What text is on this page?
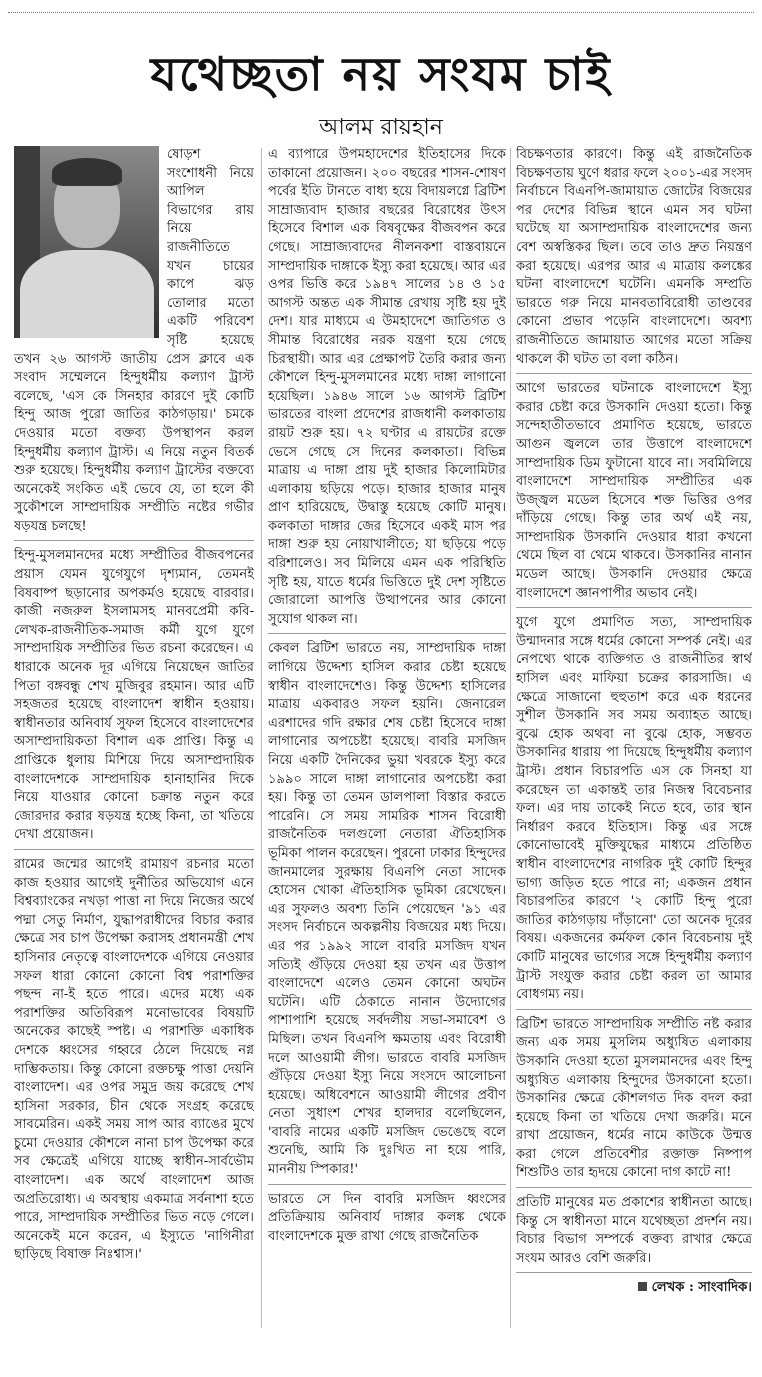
যথেচ্ছতা নয় সংযম চাই
আলম রায়হান

ষোড়শ সংশোধনী নিয়ে আপিল বিভাগের রায় নিয়ে রাজনীতিতে যখন চায়ের কাপে ঝড় তোলার মতো একটি পরিবেশ সৃষ্টি হয়েছে তখন ২৬ আগস্ট জাতীয় প্রেস ক্লাবে এক সংবাদ সম্মেলনে হিন্দুধর্মীয় কল্যাণ ট্রাস্ট বলেছে, 'এস কে সিনহার কারণে দুই কোটি হিন্দু আজ পুরো জাতির কাঠগড়ায়।' চমকে দেওয়ার মতো বক্তব্য উপস্থাপন করল হিন্দুধর্মীয় কল্যাণ ট্রাস্ট। এ নিয়ে নতুন বিতর্ক শুরু হয়েছে। হিন্দুধর্মীয় কল্যাণ ট্রাস্টের বক্তব্যে অনেকেই সংকিত এই ভেবে যে, তা হলে কী সুকৌশলে সাম্প্রদায়িক সম্প্রীতি নষ্টের গভীর ষড়যন্ত্র চলছে!

হিন্দু-মুসলমানদের মধ্যে সম্প্রীতির বীজবপনের প্রয়াস যেমন যুগেযুগে দৃশ্যমান, তেমনই বিষবাষ্প ছড়ানোর অপকর্মও হয়েছে বারবার। কাজী নজরুল ইসলামসহ মানবপ্রেমী কবি-লেখক-রাজনীতিক-সমাজ কর্মী যুগে যুগে সাম্প্রদায়িক সম্প্রীতির ভিত রচনা করেছেন। এ ধারাকে অনেক দূর এগিয়ে নিয়েছেন জাতির পিতা বঙ্গবন্ধু শেখ মুজিবুর রহমান। আর এটি সহজতর হয়েছে বাংলাদেশ স্বাধীন হওয়ায়। স্বাধীনতার অনিবার্য সুফল হিসেবে বাংলাদেশের অসাম্প্রদায়িকতা বিশাল এক প্রাপ্তি। কিন্তু এ প্রাপ্তিকে ধুলায় মিশিয়ে দিয়ে অসাম্প্রদায়িক বাংলাদেশকে সাম্প্রদায়িক হানাহানির দিকে নিয়ে যাওয়ার কোনো চক্রান্ত নতুন করে জোরদার করার ষড়যন্ত্র হচ্ছে কিনা, তা খতিয়ে দেখা প্রয়োজন।

রামের জন্মের আগেই রামায়ণ রচনার মতো কাজ হওয়ার আগেই দুর্নীতির অভিযোগ এনে বিশ্বব্যাংকের নখড়া পাত্তা না দিয়ে নিজের অর্থে পদ্মা সেতু নির্মাণ, যুদ্ধাপরাধীদের বিচার করার ক্ষেত্রে সব চাপ উপেক্ষা করাসহ প্রধানমন্ত্রী শেখ হাসিনার নেতৃত্বে বাংলাদেশকে এগিয়ে নেওয়ার সফল ধারা কোনো কোনো বিশ্ব পরাশক্তির পছন্দ না-ই হতে পারে। এদের মধ্যে এক পরাশক্তির অতিবিরূপ মনোভাবের বিষয়টি অনেকের কাছেই স্পষ্ট। এ পরাশক্তি একাধিক দেশকে ধ্বংসের গহ্বরে ঠেলে দিয়েছে নগ্ন দাম্ভিকতায়। কিন্তু কোনো রক্তচক্ষু পাত্তা দেয়নি বাংলাদেশ। এর ওপর সমুদ্র জয় করেছে শেখ হাসিনা সরকার, চীন থেকে সংগ্রহ করেছে সাবমেরিন। একই সময় সাপ আর ব্যাঙের মুখে চুমো দেওয়ার কৌশলে নানা চাপ উপেক্ষা করে সব ক্ষেত্রেই এগিয়ে যাচ্ছে স্বাধীন-সার্বভৌম বাংলাদেশ। এক অর্থে বাংলাদেশ আজ অপ্রতিরোধ্য। এ অবস্থায় একমাত্র সর্বনাশা হতে পারে, সাম্প্রদায়িক সম্প্রীতির ভিত নড়ে গেলে। অনেকেই মনে করেন, এ ইস্যুতে 'নাগিনীরা ছাড়িছে বিষাক্ত নিঃশ্বাস।'

এ ব্যাপারে উপমহাদেশের ইতিহাসের দিকে তাকানো প্রয়োজন। ২০০ বছরের শাসন-শোষণ পর্বের ইতি টানতে বাধ্য হয়ে বিদায়লগ্নে ব্রিটিশ সাম্রাজ্যবাদ হাজার বছরের বিরোধের উৎস হিসেবে বিশাল এক বিষবৃক্ষের বীজবপন করে গেছে। সাম্রাজ্যবাদের নীলনকশা বাস্তবায়নে সাম্প্রদায়িক দাঙ্গাকে ইস্যু করা হয়েছে। আর এর ওপর ভিত্তি করে ১৯৪৭ সালের ১৪ ও ১৫ আগস্ট অন্তত এক সীমান্ত রেখায় সৃষ্টি হয় দুই দেশ। যার মাধ্যমে এ উমহাদেশে জাতিগত ও সীমান্ত বিরোধের নরক যন্ত্রণা হয়ে গেছে চিরস্থায়ী। আর এর প্রেক্ষাপট তৈরি করার জন্য কৌশলে হিন্দু-মুসলমানের মধ্যে দাঙ্গা লাগানো হয়েছিল। ১৯৪৬ সালে ১৬ আগস্ট ব্রিটিশ ভারতের বাংলা প্রদেশের রাজধানী কলকাতায় রায়ট শুরু হয়। ৭২ ঘণ্টার এ রায়টের রক্তে ভেসে গেছে সে দিনের কলকাতা। বিভিন্ন মাত্রায় এ দাঙ্গা প্রায় দুই হাজার কিলোমিটার এলাকায় ছড়িয়ে পড়ে। হাজার হাজার মানুষ প্রাণ হারিয়েছে, উদ্বাস্তু হয়েছে কোটি মানুষ। কলকাতা দাঙ্গার জের হিসেবে একই মাস পর দাঙ্গা শুরু হয় নোয়াখালীতে; যা ছড়িয়ে পড়ে বরিশালেও। সব মিলিয়ে এমন এক পরিস্থিতি সৃষ্টি হয়, যাতে ধর্মের ভিত্তিতে দুই দেশ সৃষ্টিতে জোরালো আপত্তি উত্থাপনের আর কোনো সুযোগ থাকল না।

কেবল ব্রিটিশ ভারতে নয়, সাম্প্রদায়িক দাঙ্গা লাগিয়ে উদ্দেশ্য হাসিল করার চেষ্টা হয়েছে স্বাধীন বাংলাদেশেও। কিন্তু উদ্দেশ্য হাসিলের মাত্রায় একবারও সফল হয়নি। জেনারেল এরশাদের গদি রক্ষার শেষ চেষ্টা হিসেবে দাঙ্গা লাগানোর অপচেষ্টা হয়েছে। বাবরি মসজিদ নিয়ে একটি দৈনিকের ভুয়া খবরকে ইস্যু করে ১৯৯০ সালে দাঙ্গা লাগানোর অপচেষ্টা করা হয়। কিন্তু তা তেমন ডালপালা বিস্তার করতে পারেনি। সে সময় সামরিক শাসন বিরোধী রাজনৈতিক দলগুলো নেতারা ঐতিহাসিক ভূমিকা পালন করেছেন। পুরনো ঢাকার হিন্দুদের জানমালের সুরক্ষায় বিএনপি নেতা সাদেক হোসেন খোকা ঐতিহাসিক ভূমিকা রেখেছেন। এর সুফলও অবশ্য তিনি পেয়েছেন '৯১ এর সংসদ নির্বাচনে অকল্পনীয় বিজয়ের মধ্য দিয়ে। এর পর ১৯৯২ সালে বাবরি মসজিদ যখন সত্যিই গুঁড়িয়ে দেওয়া হয় তখন এর উত্তাপ বাংলাদেশে এলেও তেমন কোনো অঘটন ঘটেনি। এটি ঠেকাতে নানান উদ্যোগের পাশাপাশি হয়েছে সর্বদলীয় সভা-সমাবেশ ও মিছিল। তখন বিএনপি ক্ষমতায় এবং বিরোধী দলে আওয়ামী লীগ। ভারতে বাবরি মসজিদ গুঁড়িয়ে দেওয়া ইস্যু নিয়ে সংসদে আলোচনা হয়েছে। অধিবেশনে আওয়ামী লীগের প্রবীণ নেতা সুধাংশ শেখর হালদার বলেছিলেন, 'বাবরি নামের একটি মসজিদ ভেঙেছে বলে শুনেছি, আমি কি দুঃখিত না হয়ে পারি, মাননীয় স্পিকার!'

ভারতে সে দিন বাবরি মসজিদ ধ্বংসের প্রতিক্রিয়ায় অনিবার্য দাঙ্গার কলঙ্ক থেকে বাংলাদেশকে মুক্ত রাখা গেছে রাজনৈতিক

বিচক্ষণতার কারণে। কিন্তু এই রাজনৈতিক বিচক্ষণতায় ঘুণে ধরার ফলে ২০০১-এর সংসদ নির্বাচনে বিএনপি-জামায়াত জোটের বিজয়ের পর দেশের বিভিন্ন স্থানে এমন সব ঘটনা ঘটেছে যা অসাম্প্রদায়িক বাংলাদেশের জন্য বেশ অস্বস্তিকর ছিল। তবে তাও দ্রুত নিয়ন্ত্রণ করা হয়েছে। এরপর আর এ মাত্রায় কলঙ্কের ঘটনা বাংলাদেশে ঘটেনি। এমনকি সম্প্রতি ভারতে গরু নিয়ে মানবতাবিরোধী তাণ্ডবের কোনো প্রভাব পড়েনি বাংলাদেশে। অবশ্য রাজনীতিতে জামায়াত আগের মতো সক্রিয় থাকলে কী ঘটত তা বলা কঠিন।

আগে ভারতের ঘটনাকে বাংলাদেশে ইস্যু করার চেষ্টা করে উসকানি দেওয়া হতো। কিন্তু সন্দেহাতীতভাবে প্রমাণিত হয়েছে, ভারতে আগুন জ্বললে তার উত্তাপে বাংলাদেশে সাম্প্রদায়িক ডিম ফুটানো যাবে না। সবমিলিয়ে বাংলাদেশে সাম্প্রদায়িক সম্প্রীতির এক উজ্জ্বল মডেল হিসেবে শক্ত ভিত্তির ওপর দাঁড়িয়ে গেছে। কিন্তু তার অর্থ এই নয়, সাম্প্রদায়িক উসকানি দেওয়ার ধারা কখনো থেমে ছিল বা থেমে থাকবে। উসকানির নানান মডেল আছে। উসকানি দেওয়ার ক্ষেত্রে বাংলাদেশে জ্ঞানপাপীর অভাব নেই।

যুগে যুগে প্রমাণিত সত্য, সাম্প্রদায়িক উন্মাদনার সঙ্গে ধর্মের কোনো সম্পর্ক নেই। এর নেপথ্যে থাকে ব্যক্তিগত ও রাজনীতির স্বার্থ হাসিল এবং মাফিয়া চক্রের কারসাজি। এ ক্ষেত্রে সাজানো হুহুতাশ করে এক ধরনের সুশীল উসকানি সব সময় অব্যাহত আছে। বুঝে হোক অথবা না বুঝে হোক, সম্ভবত উসকানির ধারায় পা দিয়েছে হিন্দুধর্মীয় কল্যাণ ট্রাস্ট। প্রধান বিচারপতি এস কে সিনহা যা করেছেন তা একান্তই তার নিজস্ব বিবেচনার ফল। এর দায় তাকেই নিতে হবে, তার স্থান নির্ধারণ করবে ইতিহাস। কিন্তু এর সঙ্গে কোনোভাবেই মুক্তিযুদ্ধের মাধ্যমে প্রতিষ্ঠিত স্বাধীন বাংলাদেশের নাগরিক দুই কোটি হিন্দুর ভাগ্য জড়িত হতে পারে না; একজন প্রধান বিচারপতির কারণে '২ কোটি হিন্দু পুরো জাতির কাঠগড়ায় দাঁড়ানো' তো অনেক দূরের বিষয়। একজনের কর্মফল কোন বিবেচনায় দুই কোটি মানুষের ভাগ্যের সঙ্গে হিন্দুধর্মীয় কল্যাণ ট্রাস্ট সংযুক্ত করার চেষ্টা করল তা আমার বোধগম্য নয়।

ব্রিটিশ ভারতে সাম্প্রদায়িক সম্প্রীতি নষ্ট করার জন্য এক সময় মুসলিম অধ্যুষিত এলাকায় উসকানি দেওয়া হতো মুসলমানদের এবং হিন্দু অধ্যুষিত এলাকায় হিন্দুদের উসকানো হতো। উসকানির ক্ষেত্রে কৌশলগত দিক বদল করা হয়েছে কিনা তা খতিয়ে দেখা জরুরি। মনে রাখা প্রয়োজন, ধর্মের নামে কাউকে উন্মত্ত করা গেলে প্রতিবেশীর রক্তাক্ত নিষ্পাপ শিশুটিও তার হৃদয়ে কোনো দাগ কাটে না!

প্রতিটি মানুষের মত প্রকাশের স্বাধীনতা আছে। কিন্তু সে স্বাধীনতা মানে যথেচ্ছতা প্রদর্শন নয়। বিচার বিভাগ সম্পর্কে বক্তব্য রাখার ক্ষেত্রে সংযম আরও বেশি জরুরি।

লেখক : সাংবাদিক।
